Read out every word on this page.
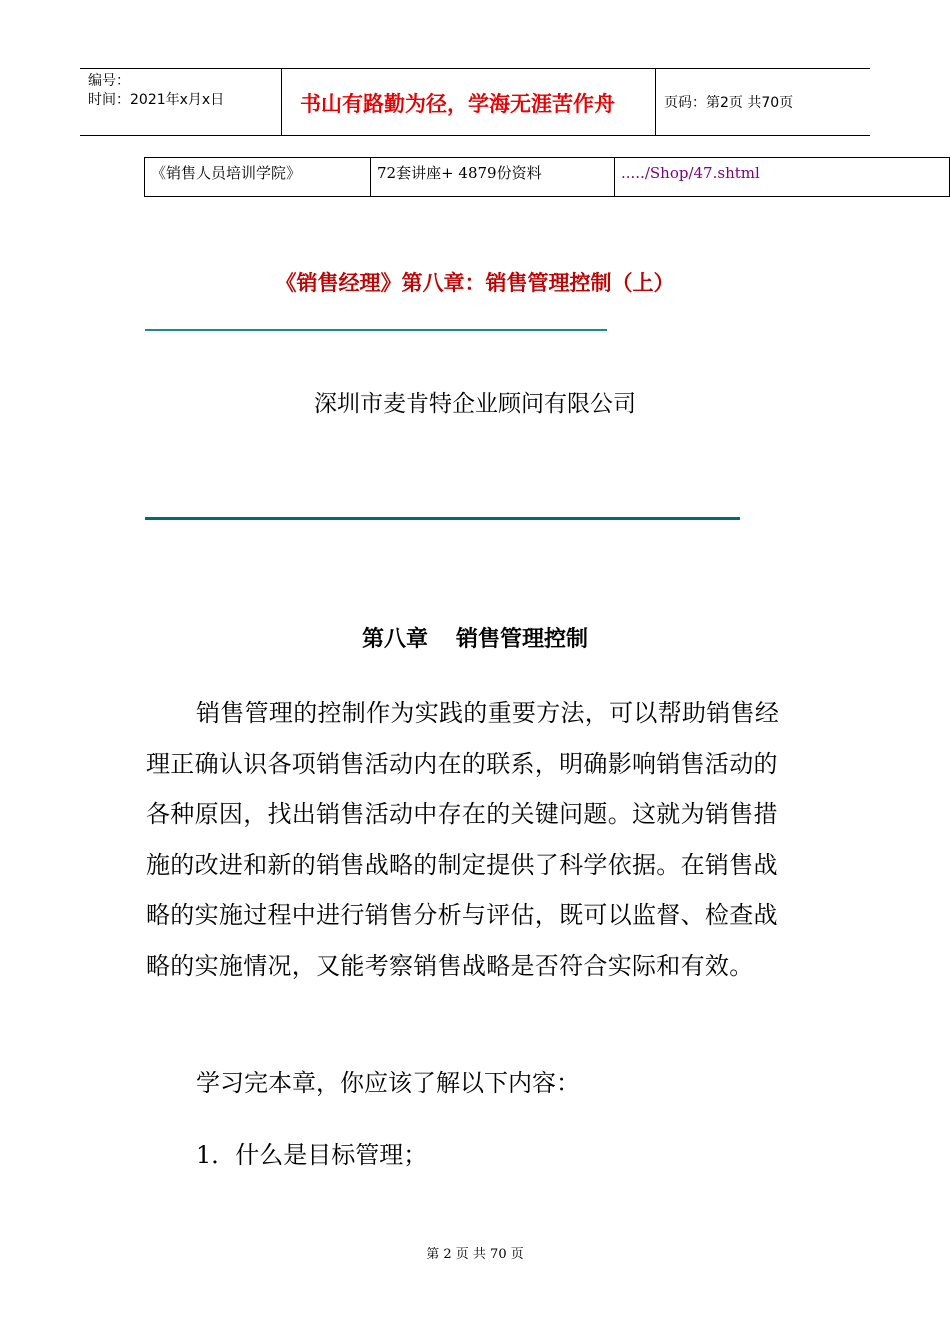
编号：
时间：2021年x月x日	书山有路勤为径，学海无涯苦作舟	页码：第2页 共70页
《销售人员培训学院》	72套讲座+ 4879份资料	...../Shop/47.shtml
《销售经理》第八章：销售管理控制（上）
深圳市麦肯特企业顾问有限公司
第八章 销售管理控制

销售管理的控制作为实践的重要方法，可以帮助销售经理正确认识各项销售活动内在的联系，明确影响销售活动的各种原因，找出销售活动中存在的关键问题。这就为销售措施的改进和新的销售战略的制定提供了科学依据。在销售战略的实施过程中进行销售分析与评估，既可以监督、检查战略的实施情况，又能考察销售战略是否符合实际和有效。

学习完本章，你应该了解以下内容：
1．什么是目标管理；
第 2 页 共 70 页
